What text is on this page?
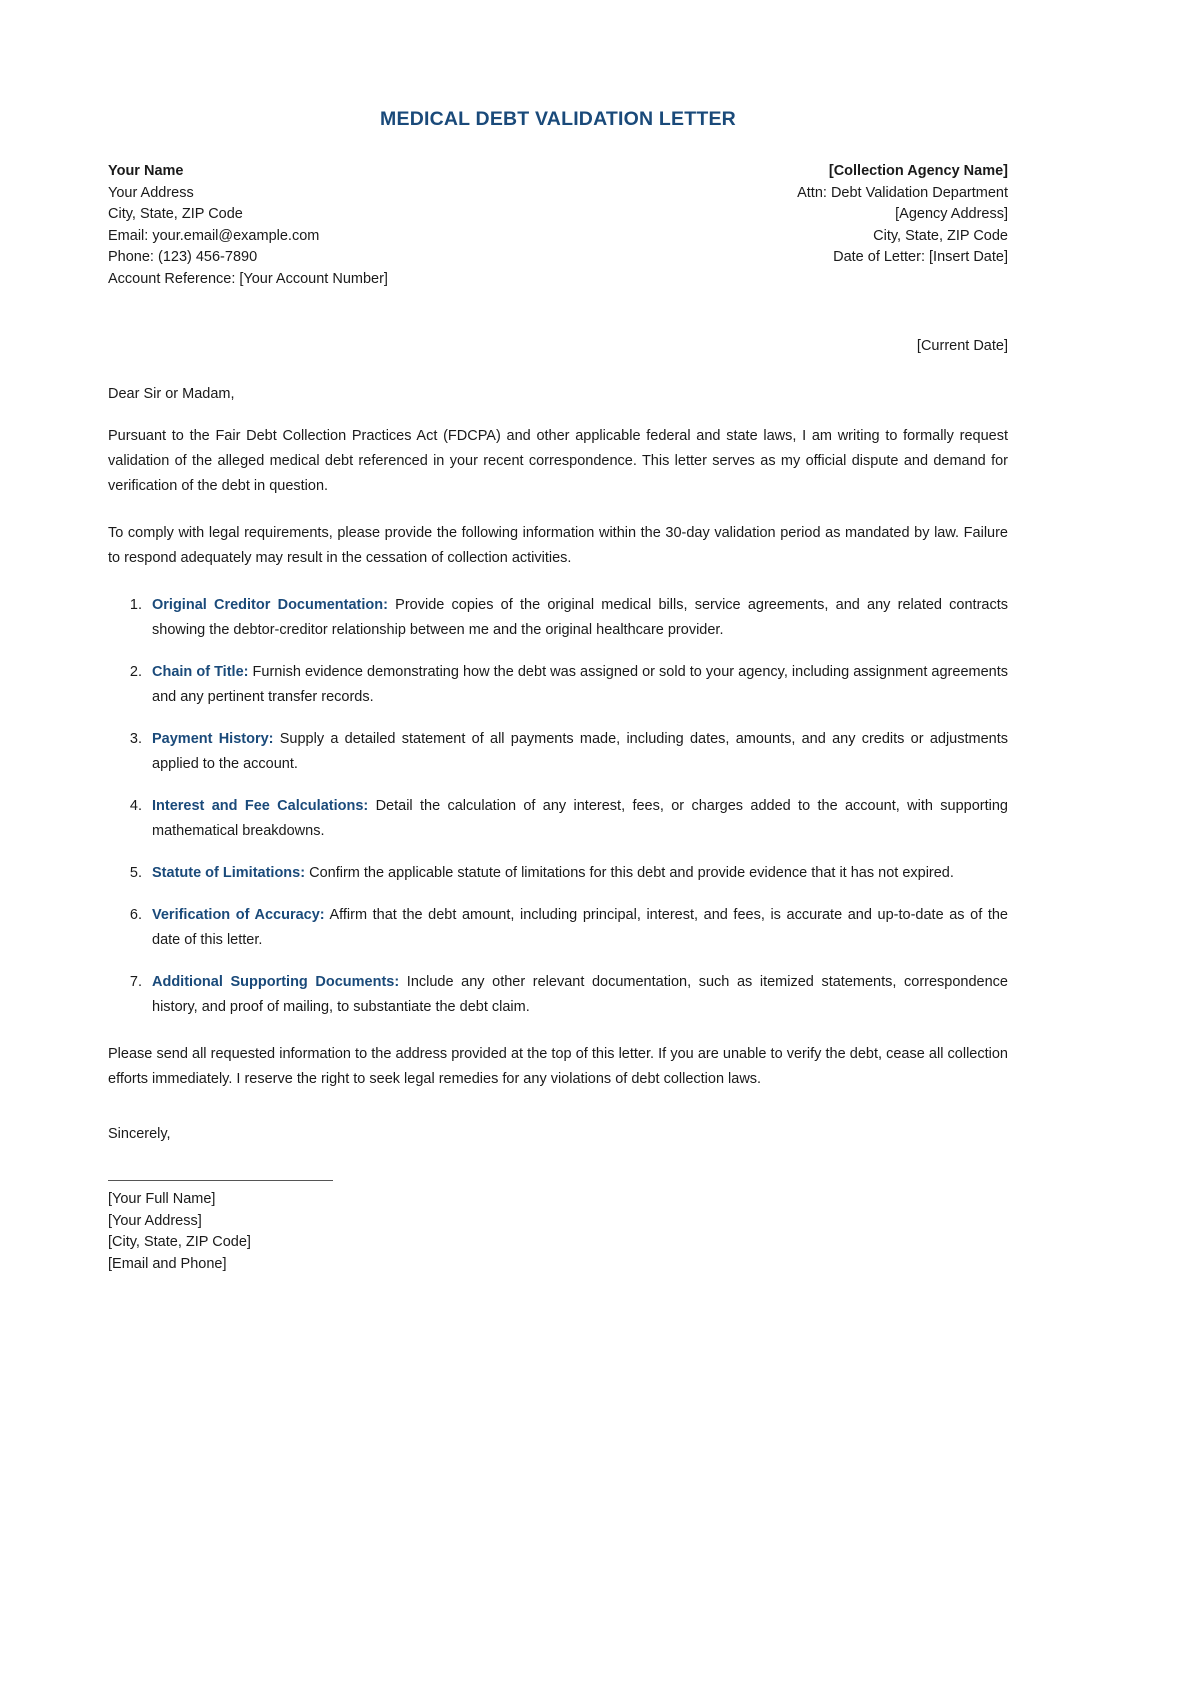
MEDICAL DEBT VALIDATION LETTER
Your Name
Your Address
City, State, ZIP Code
Email: your.email@example.com
Phone: (123) 456-7890
Account Reference: [Your Account Number]
[Collection Agency Name]
Attn: Debt Validation Department
[Agency Address]
City, State, ZIP Code
Date of Letter: [Insert Date]
[Current Date]
Dear Sir or Madam,

Pursuant to the Fair Debt Collection Practices Act (FDCPA) and other applicable federal and state laws, I am writing to formally request validation of the alleged medical debt referenced in your recent correspondence. This letter serves as my official dispute and demand for verification of the debt in question.

To comply with legal requirements, please provide the following information within the 30-day validation period as mandated by law. Failure to respond adequately may result in the cessation of collection activities.

1. Original Creditor Documentation: Provide copies of the original medical bills, service agreements, and any related contracts showing the debtor-creditor relationship between me and the original healthcare provider.
2. Chain of Title: Furnish evidence demonstrating how the debt was assigned or sold to your agency, including assignment agreements and any pertinent transfer records.
3. Payment History: Supply a detailed statement of all payments made, including dates, amounts, and any credits or adjustments applied to the account.
4. Interest and Fee Calculations: Detail the calculation of any interest, fees, or charges added to the account, with supporting mathematical breakdowns.
5. Statute of Limitations: Confirm the applicable statute of limitations for this debt and provide evidence that it has not expired.
6. Verification of Accuracy: Affirm that the debt amount, including principal, interest, and fees, is accurate and up-to-date as of the date of this letter.
7. Additional Supporting Documents: Include any other relevant documentation, such as itemized statements, correspondence history, and proof of mailing, to substantiate the debt claim.

Please send all requested information to the address provided at the top of this letter. If you are unable to verify the debt, cease all collection efforts immediately. I reserve the right to seek legal remedies for any violations of debt collection laws.

Sincerely,
[Your Full Name]
[Your Address]
[City, State, ZIP Code]
[Email and Phone]
